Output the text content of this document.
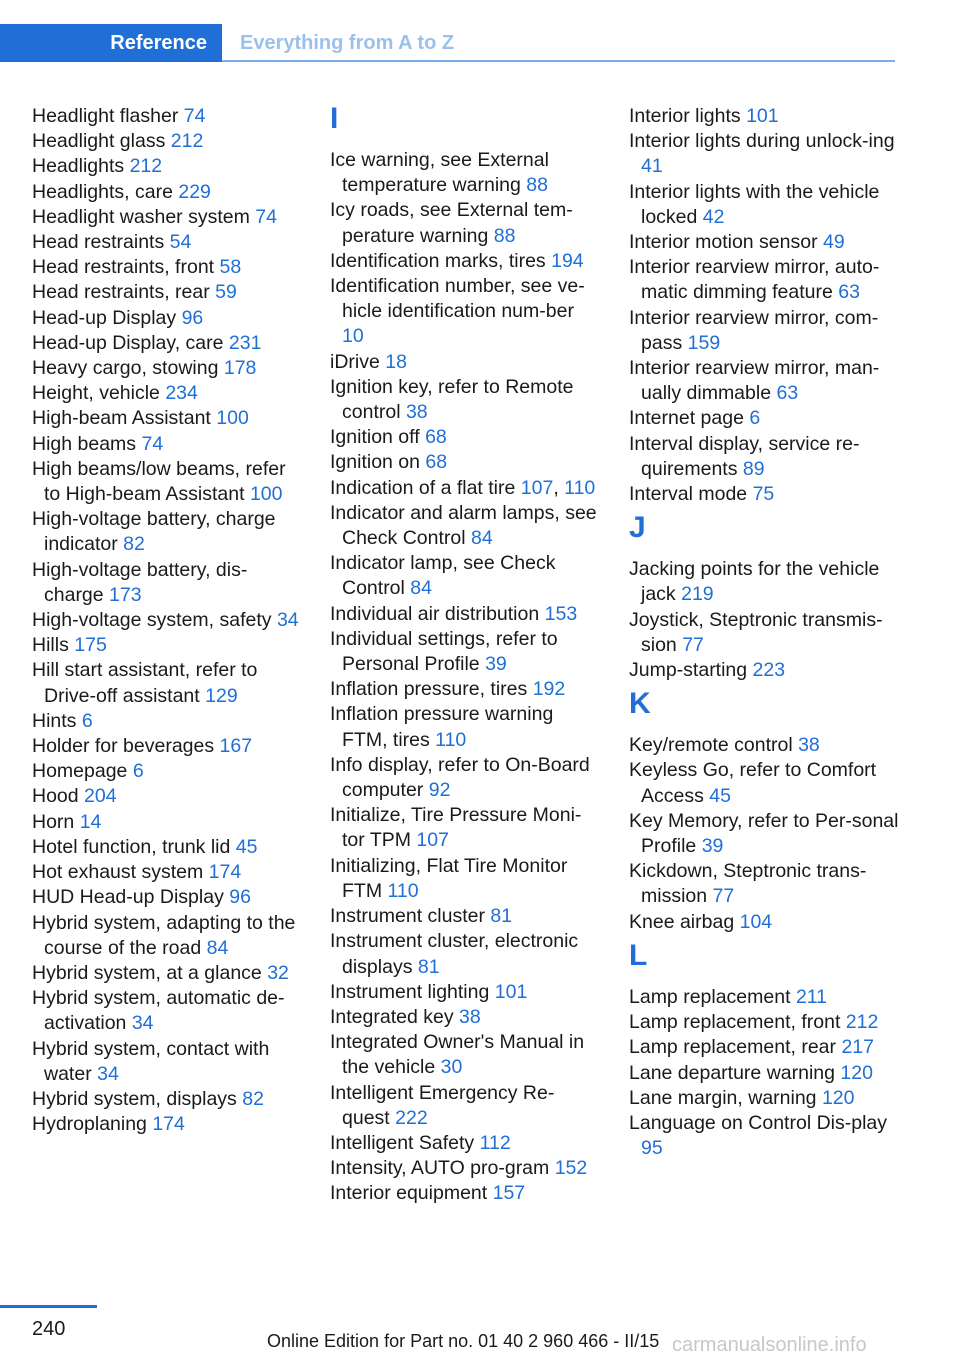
Reference	Everything from A to Z

Headlight flasher 74

Headlight glass 212

Headlights 212

Headlights, care 229

Headlight washer system 74

Head restraints 54

Head restraints, front 58

Head restraints, rear 59

Head-up Display 96

Head-up Display, care 231

Heavy cargo, stowing 178

Height, vehicle 234

High-beam Assistant 100

High beams 74

High beams/low beams, refer to High-beam Assistant 100

High-voltage battery, charge indicator 82

High-voltage battery, dis-charge 173

High-voltage system, safety 34

Hills 175

Hill start assistant, refer to Drive-off assistant 129

Hints 6

Holder for beverages 167

Homepage 6

Hood 204

Horn 14

Hotel function, trunk lid 45

Hot exhaust system 174

HUD Head-up Display 96

Hybrid system, adapting to the course of the road 84

Hybrid system, at a glance 32

Hybrid system, automatic de-activation 34

Hybrid system, contact with water 34

Hybrid system, displays 82

Hydroplaning 174

I

Ice warning, see External temperature warning 88

Icy roads, see External tem-perature warning 88

Identification marks, tires 194

Identification number, see ve-hicle identification num-ber 10

iDrive 18

Ignition key, refer to Remote control 38

Ignition off 68

Ignition on 68

Indication of a flat tire 107, 110

Indicator and alarm lamps, see Check Control 84

Indicator lamp, see Check Control 84

Individual air distribution 153

Individual settings, refer to Personal Profile 39

Inflation pressure, tires 192

Inflation pressure warning FTM, tires 110

Info display, refer to On-Board computer 92

Initialize, Tire Pressure Moni-tor TPM 107

Initializing, Flat Tire Monitor FTM 110

Instrument cluster 81

Instrument cluster, electronic displays 81

Instrument lighting 101

Integrated key 38

Integrated Owner's Manual in the vehicle 30

Intelligent Emergency Re-quest 222

Intelligent Safety 112

Intensity, AUTO pro-gram 152

Interior equipment 157

Interior lights 101

Interior lights during unlock-ing 41

Interior lights with the vehicle locked 42

Interior motion sensor 49

Interior rearview mirror, auto-matic dimming feature 63

Interior rearview mirror, com-pass 159

Interior rearview mirror, man-ually dimmable 63

Internet page 6

Interval display, service re-quirements 89

Interval mode 75

J

Jacking points for the vehicle jack 219

Joystick, Steptronic transmis-sion 77

Jump-starting 223

K

Key/remote control 38

Keyless Go, refer to Comfort Access 45

Key Memory, refer to Per-sonal Profile 39

Kickdown, Steptronic trans-mission 77

Knee airbag 104

L

Lamp replacement 211

Lamp replacement, front 212

Lamp replacement, rear 217

Lane departure warning 120

Lane margin, warning 120

Language on Control Dis-play 95

240
Online Edition for Part no. 01 40 2 960 466 - II/15 carmanualsonline.info
